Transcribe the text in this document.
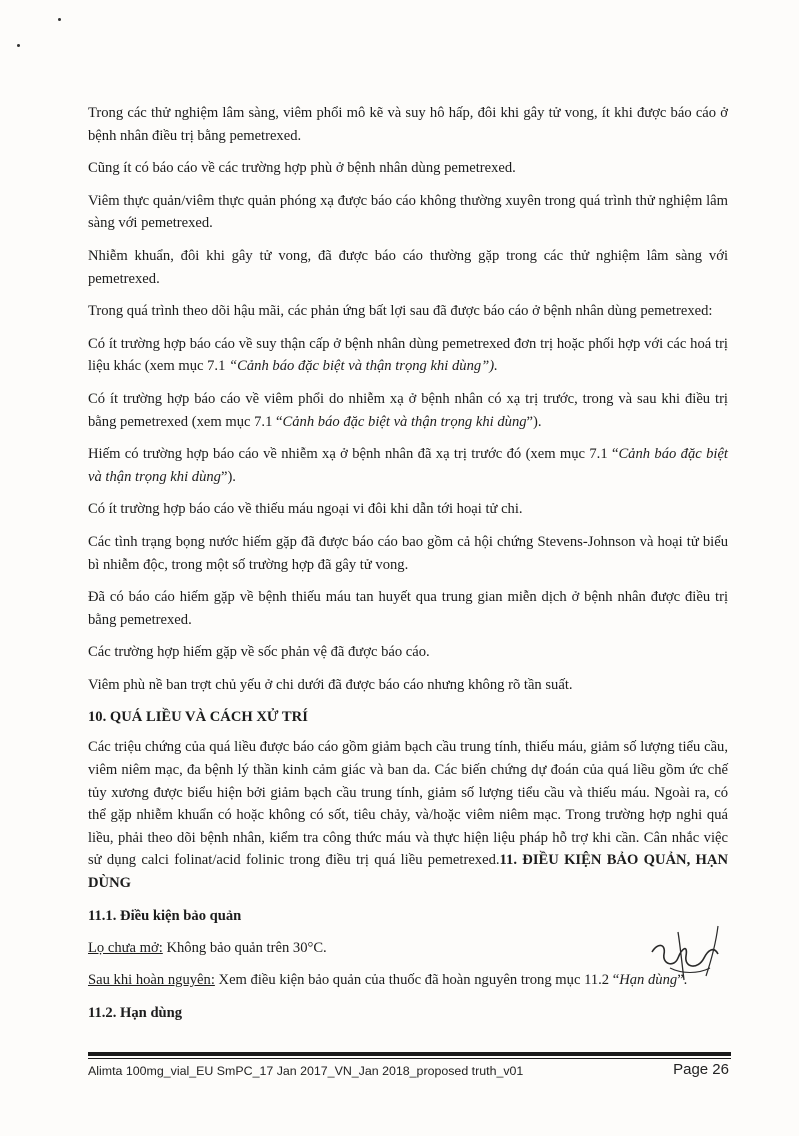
Trong các thử nghiệm lâm sàng, viêm phổi mô kẽ và suy hô hấp, đôi khi gây tử vong, ít khi được báo cáo ở bệnh nhân điều trị bằng pemetrexed.

Cũng ít có báo cáo về các trường hợp phù ở bệnh nhân dùng pemetrexed.

Viêm thực quản/viêm thực quản phóng xạ được báo cáo không thường xuyên trong quá trình thử nghiệm lâm sàng với pemetrexed.

Nhiễm khuẩn, đôi khi gây tử vong, đã được báo cáo thường gặp trong các thử nghiệm lâm sàng với pemetrexed.

Trong quá trình theo dõi hậu mãi, các phản ứng bất lợi sau đã được báo cáo ở bệnh nhân dùng pemetrexed:

Có ít trường hợp báo cáo về suy thận cấp ở bệnh nhân dùng pemetrexed đơn trị hoặc phối hợp với các hoá trị liệu khác (xem mục 7.1 “Cảnh báo đặc biệt và thận trọng khi dùng”).

Có ít trường hợp báo cáo về viêm phổi do nhiễm xạ ở bệnh nhân có xạ trị trước, trong và sau khi điều trị bằng pemetrexed (xem mục 7.1 “Cảnh báo đặc biệt và thận trọng khi dùng”).

Hiếm có trường hợp báo cáo về nhiễm xạ ở bệnh nhân đã xạ trị trước đó (xem mục 7.1 “Cảnh báo đặc biệt và thận trọng khi dùng”).

Có ít trường hợp báo cáo về thiếu máu ngoại vi đôi khi dẫn tới hoại tử chi.

Các tình trạng bọng nước hiếm gặp đã được báo cáo bao gồm cả hội chứng Stevens-Johnson và hoại tử biểu bì nhiễm độc, trong một số trường hợp đã gây tử vong.

Đã có báo cáo hiếm gặp về bệnh thiếu máu tan huyết qua trung gian miễn dịch ở bệnh nhân được điều trị bằng pemetrexed.

Các trường hợp hiếm gặp về sốc phản vệ đã được báo cáo.

Viêm phù nề ban trợt chủ yếu ở chi dưới đã được báo cáo nhưng không rõ tần suất.

10. QUÁ LIỀU VÀ CÁCH XỬ TRÍ

Các triệu chứng của quá liều được báo cáo gồm giảm bạch cầu trung tính, thiếu máu, giảm số lượng tiểu cầu, viêm niêm mạc, đa bệnh lý thần kinh cảm giác và ban da. Các biến chứng dự đoán của quá liều gồm ức chế tủy xương được biểu hiện bởi giảm bạch cầu trung tính, giảm số lượng tiểu cầu và thiếu máu. Ngoài ra, có thể gặp nhiễm khuẩn có hoặc không có sốt, tiêu chảy, và/hoặc viêm niêm mạc. Trong trường hợp nghi quá liều, phải theo dõi bệnh nhân, kiểm tra công thức máu và thực hiện liệu pháp hỗ trợ khi cần. Cân nhắc việc sử dụng calci folinat/acid folinic trong điều trị quá liều pemetrexed.11. ĐIỀU KIỆN BẢO QUẢN, HẠN DÙNG

11.1. Điều kiện bảo quản

Lọ chưa mở: Không bảo quản trên 30°C.

Sau khi hoàn nguyên: Xem điều kiện bảo quản của thuốc đã hoàn nguyên trong mục 11.2 “Hạn dùng”.

11.2. Hạn dùng
Alimta 100mg_vial_EU SmPC_17 Jan 2017_VN_Jan 2018_proposed truth_v01	Page 26
